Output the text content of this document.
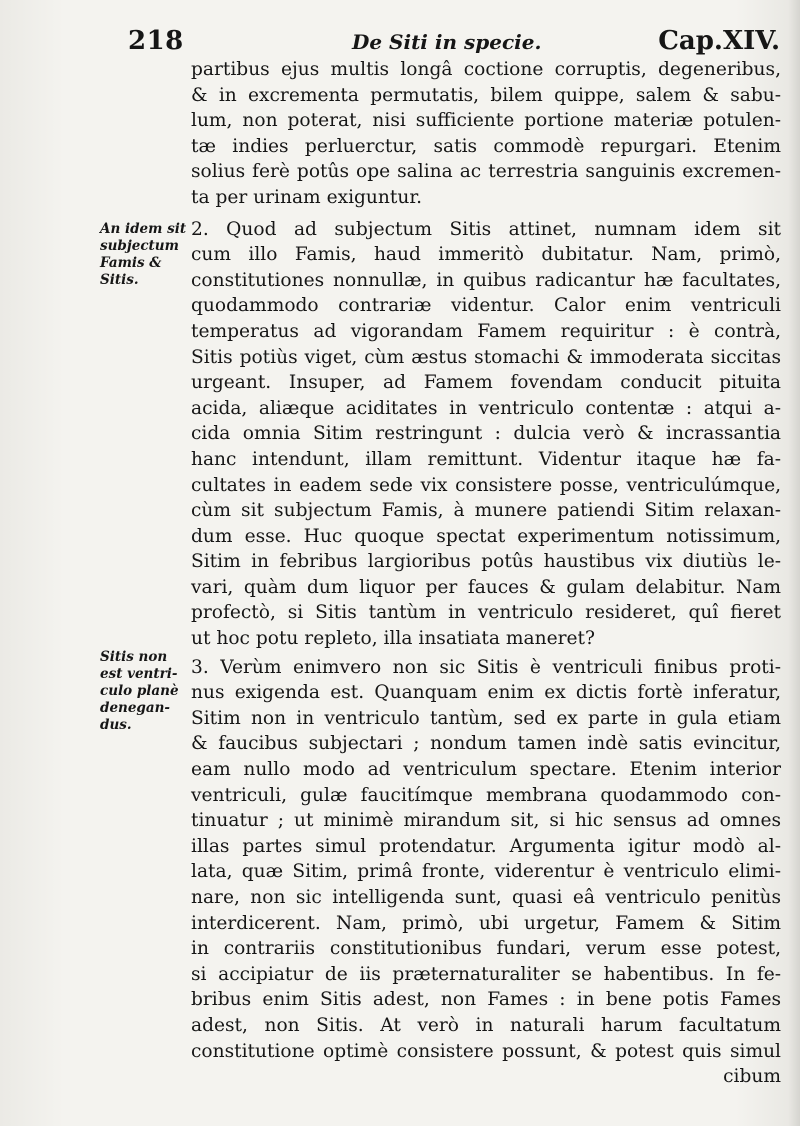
218	De Siti in specie.	Cap.XIV.
An idem sit
subjectum
Famis &
Sitis.
Sitis non
est ventri-
culo planè
denegan-
dus.
partibus ejus multis longâ coctione corruptis, degeneribus,
& in excrementa permutatis, bilem quippe, salem & sabu-
lum, non poterat, nisi sufficiente portione materiæ potulen-
tæ indies perluerctur, satis commodè repurgari. Etenim
solius ferè potûs ope salina ac terrestria sanguinis excremen-
ta per urinam exiguntur.
2. Quod ad subjectum Sitis attinet, numnam idem sit
cum illo Famis, haud immeritò dubitatur. Nam, primò,
constitutiones nonnullæ, in quibus radicantur hæ facultates,
quodammodo contrariæ videntur. Calor enim ventriculi
temperatus ad vigorandam Famem requiritur : è contrà,
Sitis potiùs viget, cùm æstus stomachi & immoderata siccitas
urgeant. Insuper, ad Famem fovendam conducit pituita
acida, aliæque aciditates in ventriculo contentæ : atqui a-
cida omnia Sitim restringunt : dulcia verò & incrassantia
hanc intendunt, illam remittunt. Videntur itaque hæ fa-
cultates in eadem sede vix consistere posse, ventriculúmque,
cùm sit subjectum Famis, à munere patiendi Sitim relaxan-
dum esse. Huc quoque spectat experimentum notissimum,
Sitim in febribus largioribus potûs haustibus vix diutiùs le-
vari, quàm dum liquor per fauces & gulam delabitur. Nam
profectò, si Sitis tantùm in ventriculo resideret, quî fieret
ut hoc potu repleto, illa insatiata maneret?
3. Verùm enimvero non sic Sitis è ventriculi finibus proti-
nus exigenda est. Quanquam enim ex dictis fortè inferatur,
Sitim non in ventriculo tantùm, sed ex parte in gula etiam
& faucibus subjectari ; nondum tamen indè satis evincitur,
eam nullo modo ad ventriculum spectare. Etenim interior
ventriculi, gulæ faucitímque membrana quodammodo con-
tinuatur ; ut minimè mirandum sit, si hic sensus ad omnes
illas partes simul protendatur. Argumenta igitur modò al-
lata, quæ Sitim, primâ fronte, viderentur è ventriculo elimi-
nare, non sic intelligenda sunt, quasi eâ ventriculo penitùs
interdicerent. Nam, primò, ubi urgetur, Famem & Sitim
in contrariis constitutionibus fundari, verum esse potest,
si accipiatur de iis præternaturaliter se habentibus. In fe-
bribus enim Sitis adest, non Fames : in bene potis Fames
adest, non Sitis. At verò in naturali harum facultatum
constitutione optimè consistere possunt, & potest quis simul
cibum
